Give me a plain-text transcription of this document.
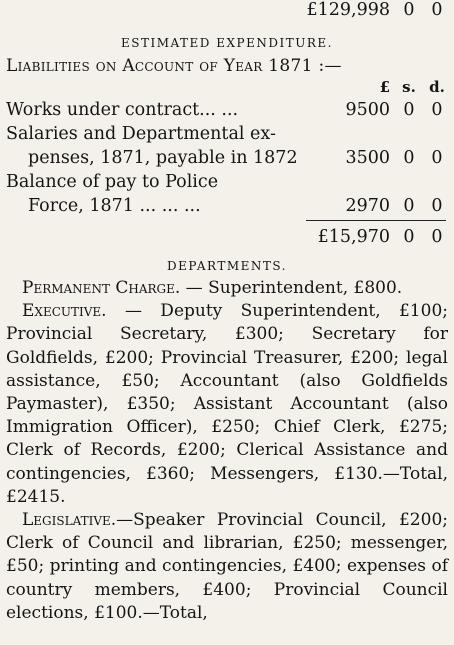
£129,998 0 0
ESTIMATED EXPENDITURE.
Liabilities on Account of Year 1871 :—
£ s. d.
Works under contract... ...	9500 0 0
Salaries and Departmental ex-
penses, 1871, payable in 1872	3500 0 0
Balance of pay to Police
Force, 1871 ... ... ...	2970 0 0
£15,970 0 0
DEPARTMENTS.

Permanent Charge. — Superintendent, £800.

Executive. — Deputy Superintendent, £100; Provincial Secretary, £300; Secretary for Goldfields, £200; Provincial Treasurer, £200; legal assistance, £50; Accountant (also Goldfields Paymaster), £350; Assistant Accountant (also Immigration Officer), £250; Chief Clerk, £275; Clerk of Records, £200; Clerical Assistance and contingencies, £360; Messengers, £130.—Total, £2415.

Legislative.—Speaker Provincial Council, £200; Clerk of Council and librarian, £250; messenger, £50; printing and contingencies, £400; expenses of country members, £400; Provincial Council elections, £100.—Total,
